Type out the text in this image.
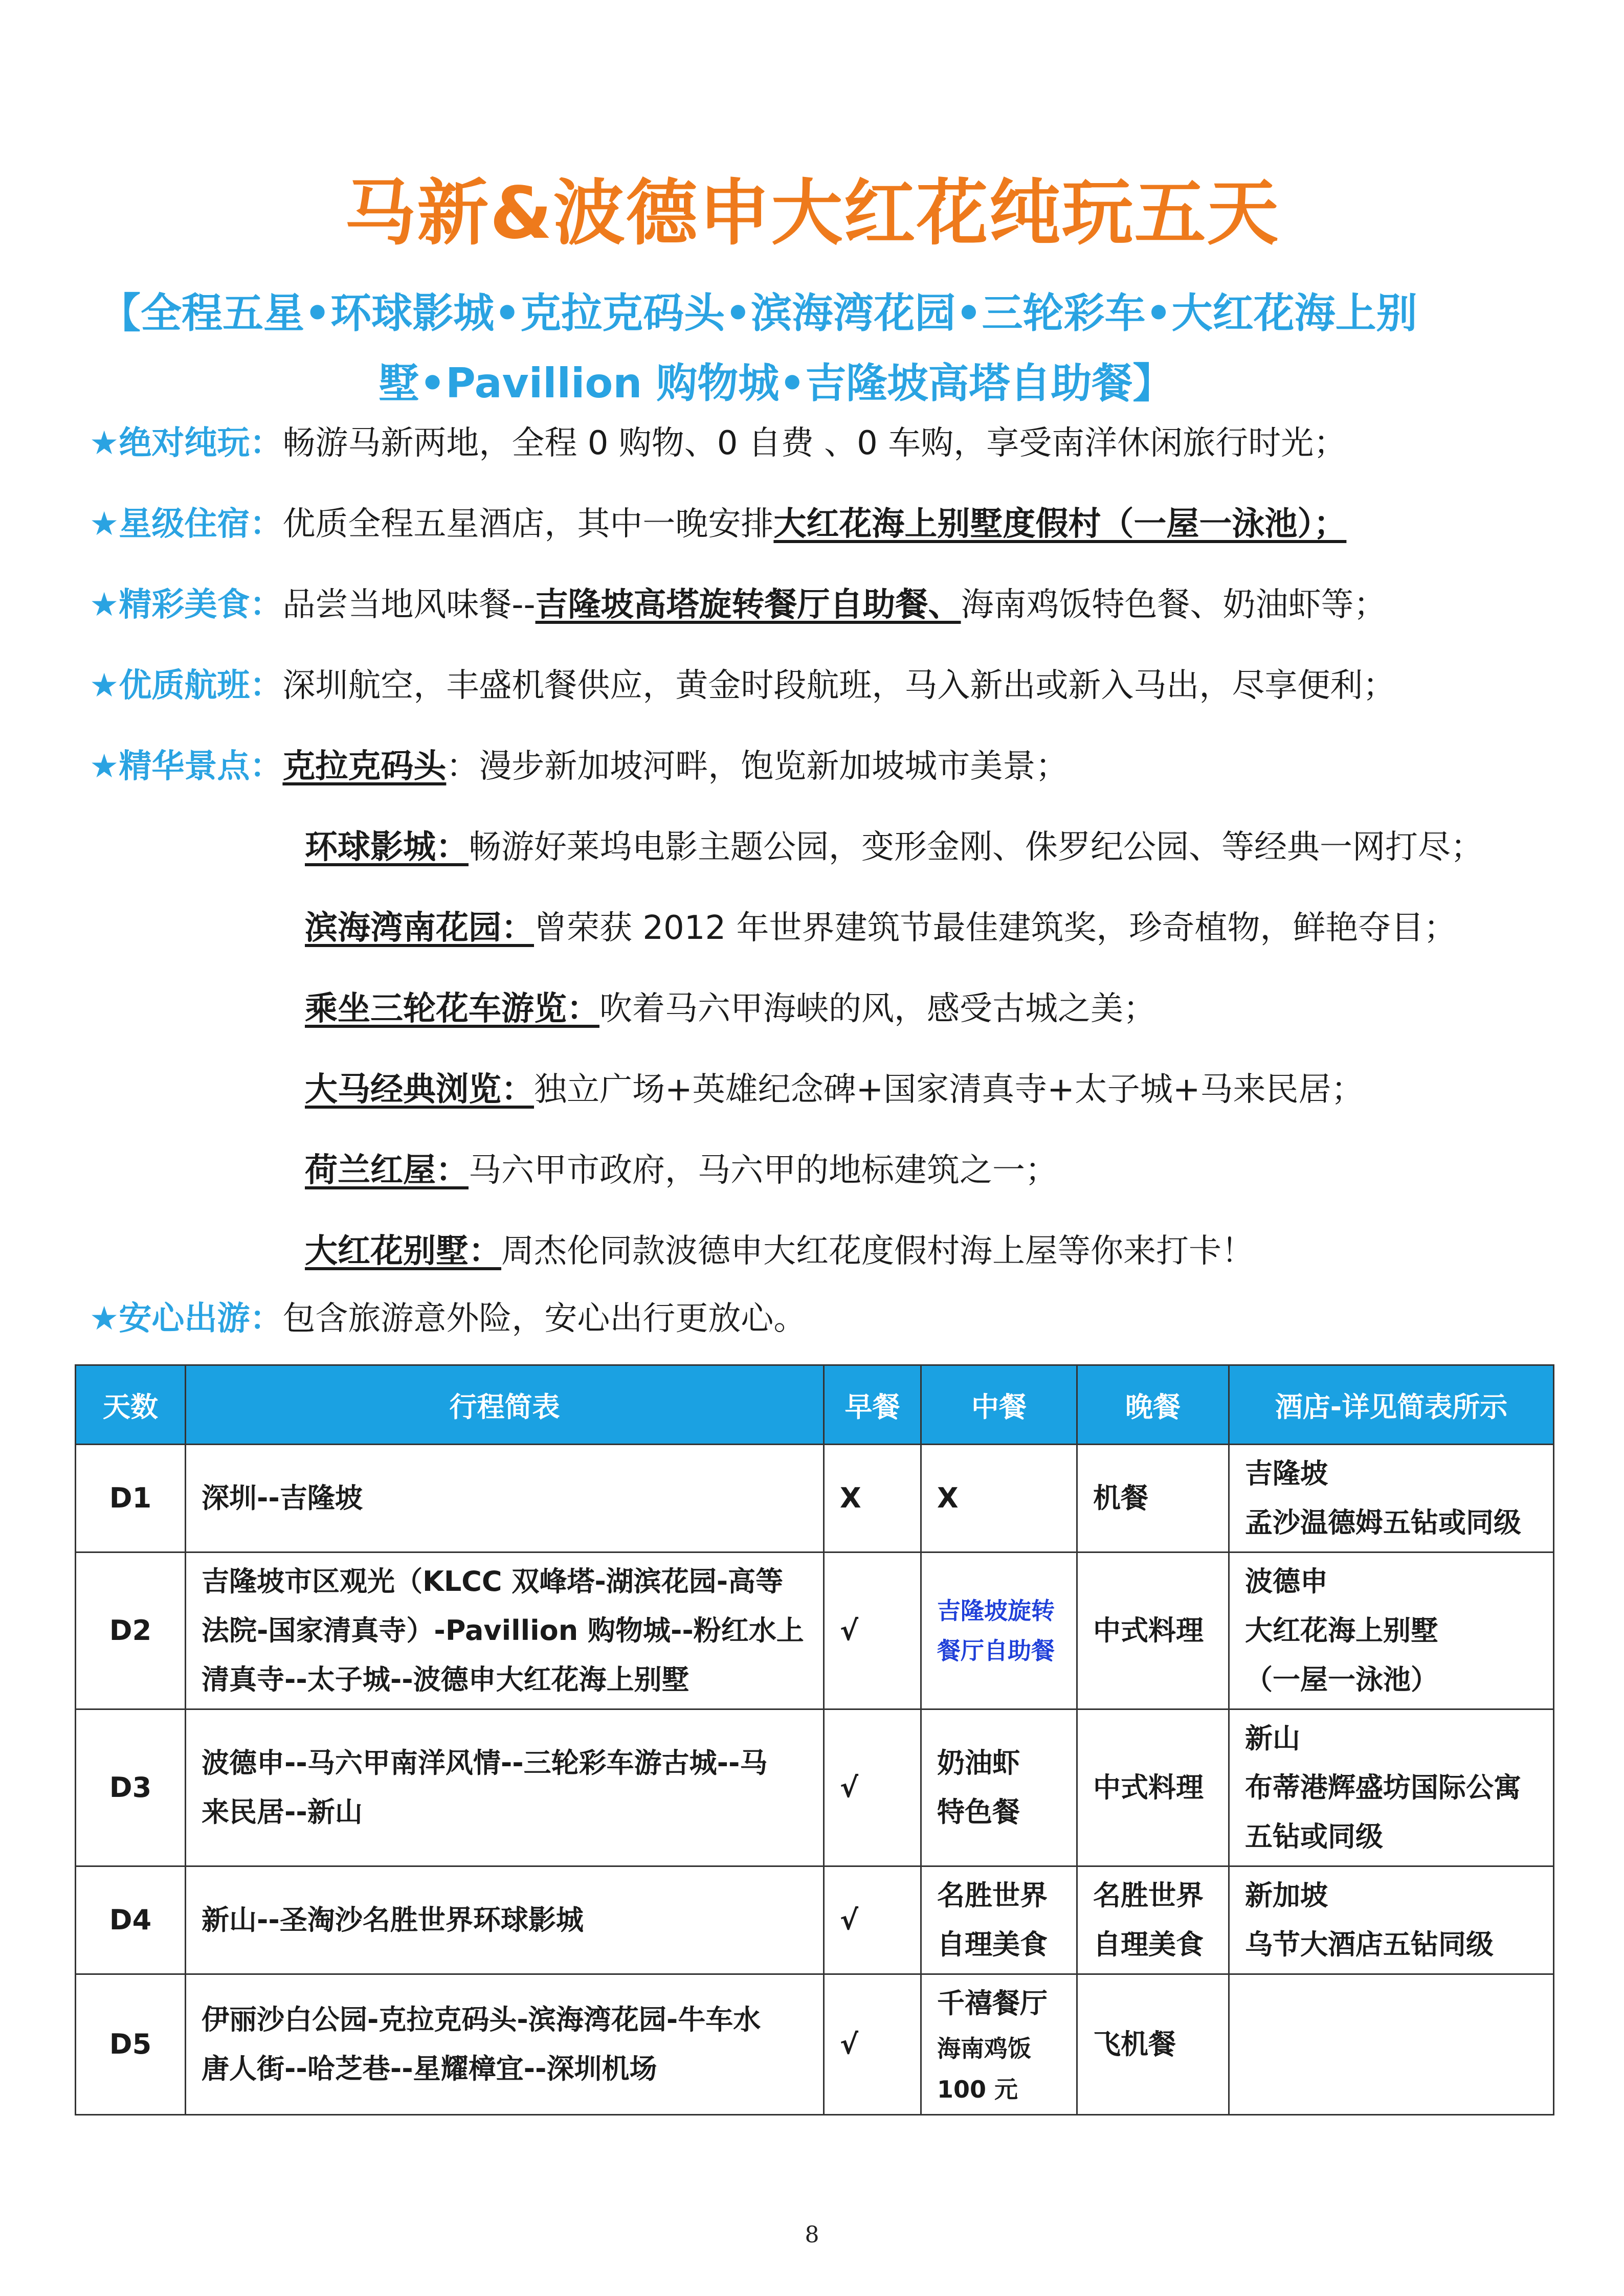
马新&波德申大红花纯玩五天
【全程五星•环球影城•克拉克码头•滨海湾花园•三轮彩车•大红花海上别
墅•Pavillion 购物城•吉隆坡高塔自助餐】
★绝对纯玩：畅游马新两地，全程 0 购物、0 自费 、0 车购，享受南洋休闲旅行时光；
★星级住宿：优质全程五星酒店，其中一晚安排大红花海上别墅度假村（一屋一泳池）；
★精彩美食：品尝当地风味餐--吉隆坡高塔旋转餐厅自助餐、海南鸡饭特色餐、奶油虾等；
★优质航班：深圳航空，丰盛机餐供应，黄金时段航班，马入新出或新入马出，尽享便利；
★精华景点：克拉克码头：漫步新加坡河畔，饱览新加坡城市美景；
环球影城：畅游好莱坞电影主题公园，变形金刚、侏罗纪公园、等经典一网打尽；
滨海湾南花园：曾荣获 2012 年世界建筑节最佳建筑奖，珍奇植物，鲜艳夺目；
乘坐三轮花车游览：吹着马六甲海峡的风，感受古城之美；
大马经典浏览：独立广场+英雄纪念碑+国家清真寺+太子城+马来民居；
荷兰红屋：马六甲市政府，马六甲的地标建筑之一；
大红花别墅：周杰伦同款波德申大红花度假村海上屋等你来打卡！
★安心出游：包含旅游意外险，安心出行更放心。
天数	行程简表	早餐	中餐	晚餐	酒店-详见简表所示
D1	深圳--吉隆坡	X	X	机餐	吉隆坡
孟沙温德姆五钻或同级

D2	吉隆坡市区观光（KLCC 双峰塔-湖滨花园-高等
法院-国家清真寺）-Pavillion 购物城--粉红水上
清真寺--太子城--波德申大红花海上别墅	√	吉隆坡旋转
餐厅自助餐	中式料理	波德申
大红花海上别墅
（一屋一泳池）

D3	波德申--马六甲南洋风情--三轮彩车游古城--马
来民居--新山	√	奶油虾
特色餐	中式料理	新山
布蒂港辉盛坊国际公寓
五钻或同级

D4	新山--圣淘沙名胜世界环球影城	√	名胜世界
自理美食	名胜世界
自理美食	新加坡
乌节大酒店五钻同级

D5	伊丽沙白公园-克拉克码头-滨海湾花园-牛车水
唐人街--哈芝巷--星耀樟宜--深圳机场	√	千禧餐厅
海南鸡饭
100 元	飞机餐	
8
